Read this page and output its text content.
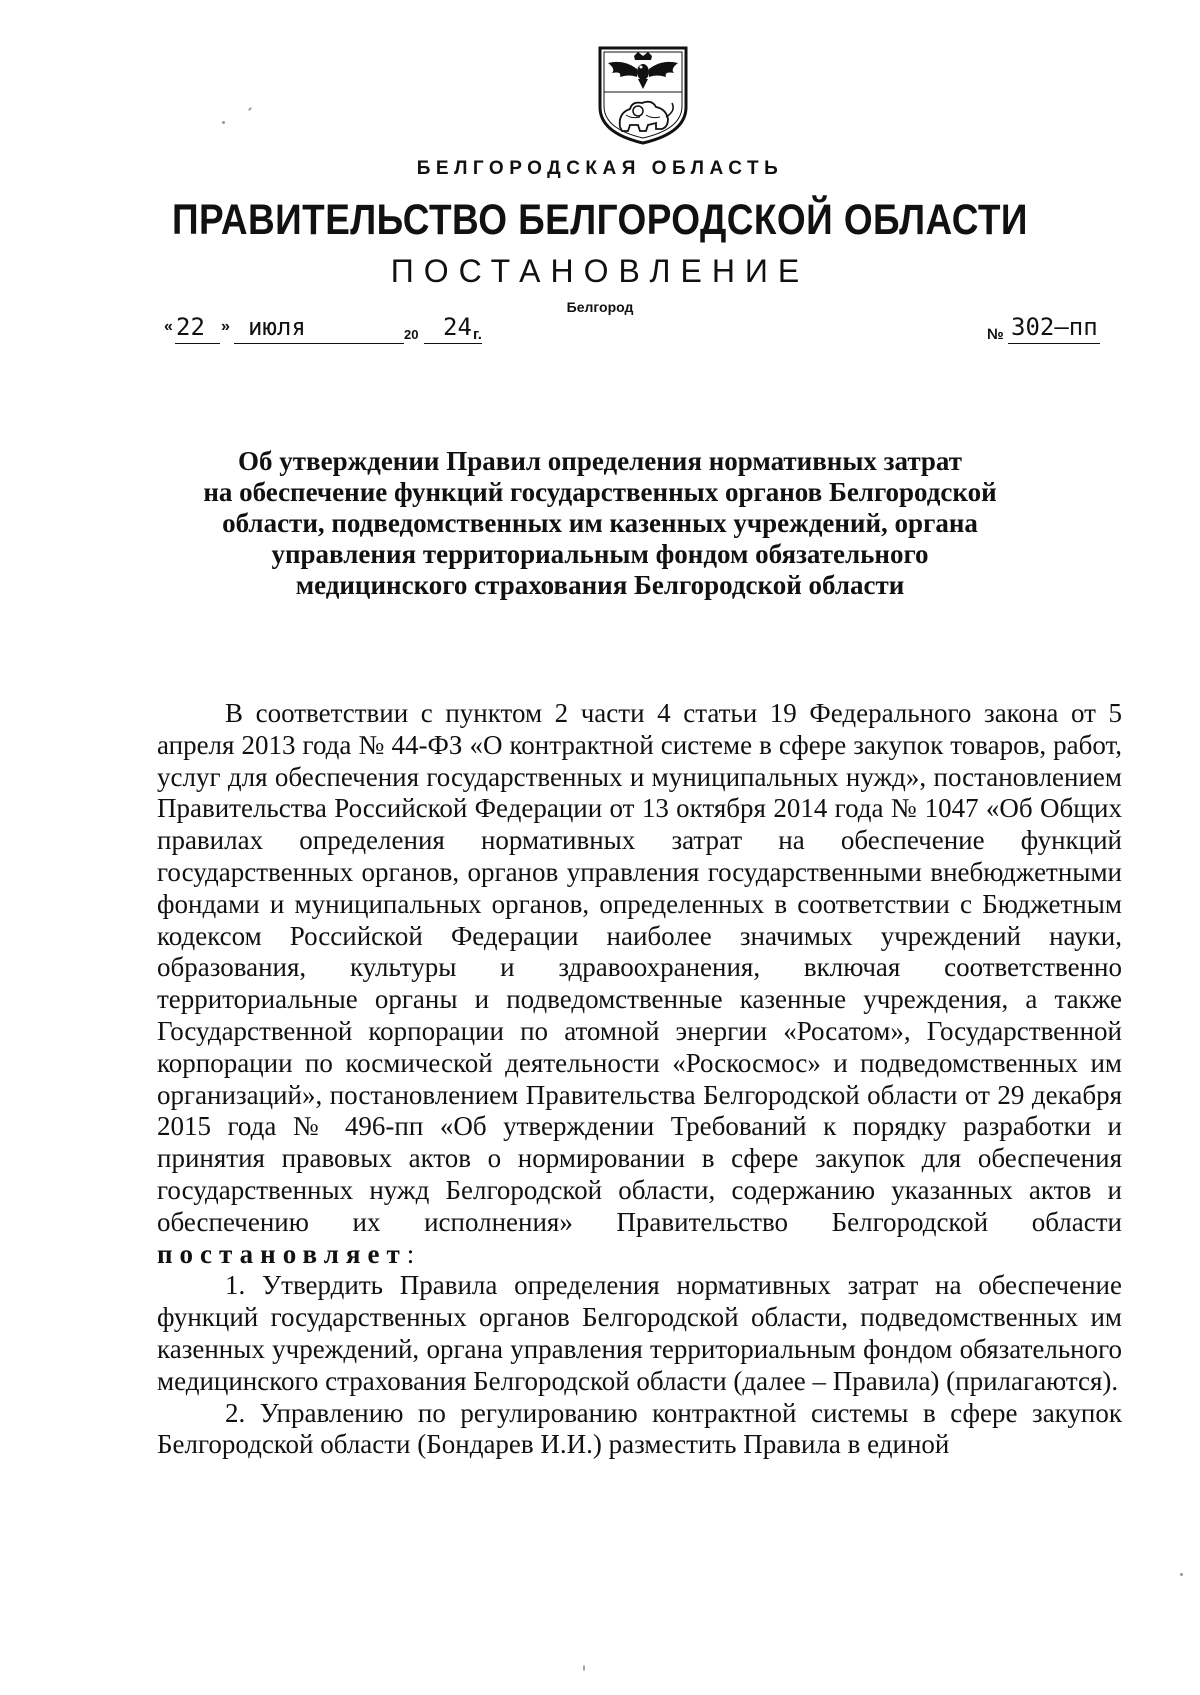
БЕЛГОРОДСКАЯ ОБЛАСТЬ
ПРАВИТЕЛЬСТВО БЕЛГОРОДСКОЙ ОБЛАСТИ
ПОСТАНОВЛЕНИЕ
Белгород
« 22 » июля	20 24 г.	№ 302–пп
Об утверждении Правил определения нормативных затрат
на обеспечение функций государственных органов Белгородской
области, подведомственных им казенных учреждений, органа
управления территориальным фондом обязательного
медицинского страхования Белгородской области

В соответствии с пунктом 2 части 4 статьи 19 Федерального закона от 5 апреля 2013 года № 44-ФЗ «О контрактной системе в сфере закупок товаров, работ, услуг для обеспечения государственных и муниципальных нужд», постановлением Правительства Российской Федерации от 13 октября 2014 года № 1047 «Об Общих правилах определения нормативных затрат на обеспечение функций государственных органов, органов управления государственными внебюджетными фондами и муниципальных органов, определенных в соответствии с Бюджетным кодексом Российской Федерации наиболее значимых учреждений науки, образования, культуры и здравоохранения, включая соответственно территориальные органы и подведомственные казенные учреждения, а также Государственной корпорации по атомной энергии «Росатом», Государственной корпорации по космической деятельности «Роскосмос» и подведомственных им организаций», постановлением Правительства Белгородской области от 29 декабря 2015 года № 496-пп «Об утверждении Требований к порядку разработки и принятия правовых актов о нормировании в сфере закупок для обеспечения государственных нужд Белгородской области, содержанию указанных актов и обеспечению их исполнения» Правительство Белгородской области постановляет:

1. Утвердить Правила определения нормативных затрат на обеспечение функций государственных органов Белгородской области, подведомственных им казенных учреждений, органа управления территориальным фондом обязательного медицинского страхования Белгородской области (далее – Правила) (прилагаются).

2. Управлению по регулированию контрактной системы в сфере закупок Белгородской области (Бондарев И.И.) разместить Правила в единой
